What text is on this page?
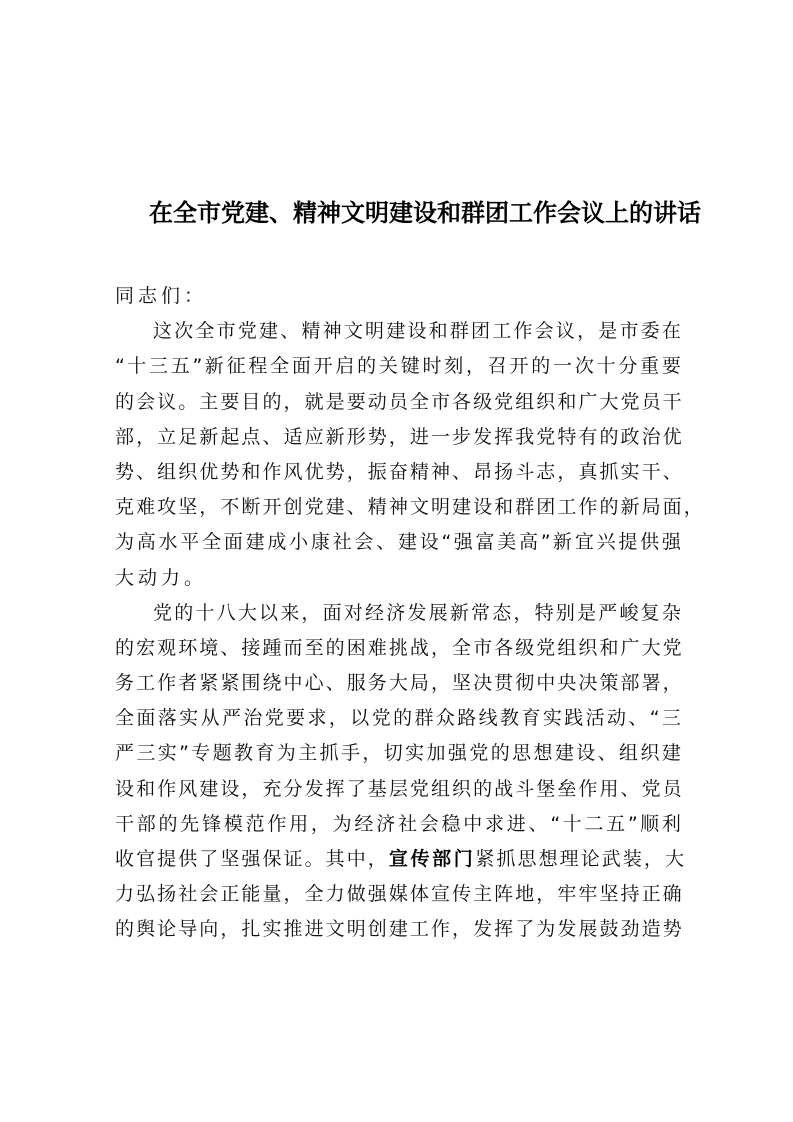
在全市党建、精神文明建设和群团工作会议上的讲话
同志们：
这 次 全 市 党 建 、 精 神 文 明 建 设 和 群 团 工 作 会 议 ， 是 市 委 在
“ 十 三 五 ” 新 征 程 全 面 开 启 的 关 键 时 刻 ， 召 开 的 一 次 十 分 重 要
的 会 议 。 主 要 目 的 ， 就 是 要 动 员 全 市 各 级 党 组 织 和 广 大 党 员 干
部 ， 立 足 新 起 点 、 适 应 新 形 势 ， 进 一 步 发 挥 我 党 特 有 的 政 治 优
势 、 组 织 优 势 和 作 风 优 势 ， 振 奋 精 神 、 昂 扬 斗 志 ， 真 抓 实 干 、
克 难 攻 坚 ， 不 断 开 创 党 建 、 精 神 文 明 建 设 和 群 团 工 作 的 新 局 面 ，
为 高 水 平 全 面 建 成 小 康 社 会 、 建 设 “ 强 富 美 高 ” 新 宜 兴 提 供 强
大动力。
党 的 十 八 大 以 来 ， 面 对 经 济 发 展 新 常 态 ， 特 别 是 严 峻 复 杂
的 宏 观 环 境 、 接 踵 而 至 的 困 难 挑 战 ， 全 市 各 级 党 组 织 和 广 大 党
务 工 作 者 紧 紧 围 绕 中 心 、 服 务 大 局 ， 坚 决 贯 彻 中 央 决 策 部 署 ，
全 面 落 实 从 严 治 党 要 求 ， 以 党 的 群 众 路 线 教 育 实 践 活 动 、 “ 三
严 三 实 ” 专 题 教 育 为 主 抓 手 ， 切 实 加 强 党 的 思 想 建 设 、 组 织 建
设 和 作 风 建 设 ， 充 分 发 挥 了 基 层 党 组 织 的 战 斗 堡 垒 作 用 、 党 员
干 部 的 先 锋 模 范 作 用 ， 为 经 济 社 会 稳 中 求 进 、 “ 十 二 五 ” 顺 利
收 官 提 供 了 坚 强 保 证 。 其 中 ， 宣 传 部 门 紧 抓 思 想 理 论 武 装 ， 大
力 弘 扬 社 会 正 能 量 ， 全 力 做 强 媒 体 宣 传 主 阵 地 ， 牢 牢 坚 持 正 确
的 舆 论 导 向 ， 扎 实 推 进 文 明 创 建 工 作 ， 发 挥 了 为 发 展 鼓 劲 造 势
